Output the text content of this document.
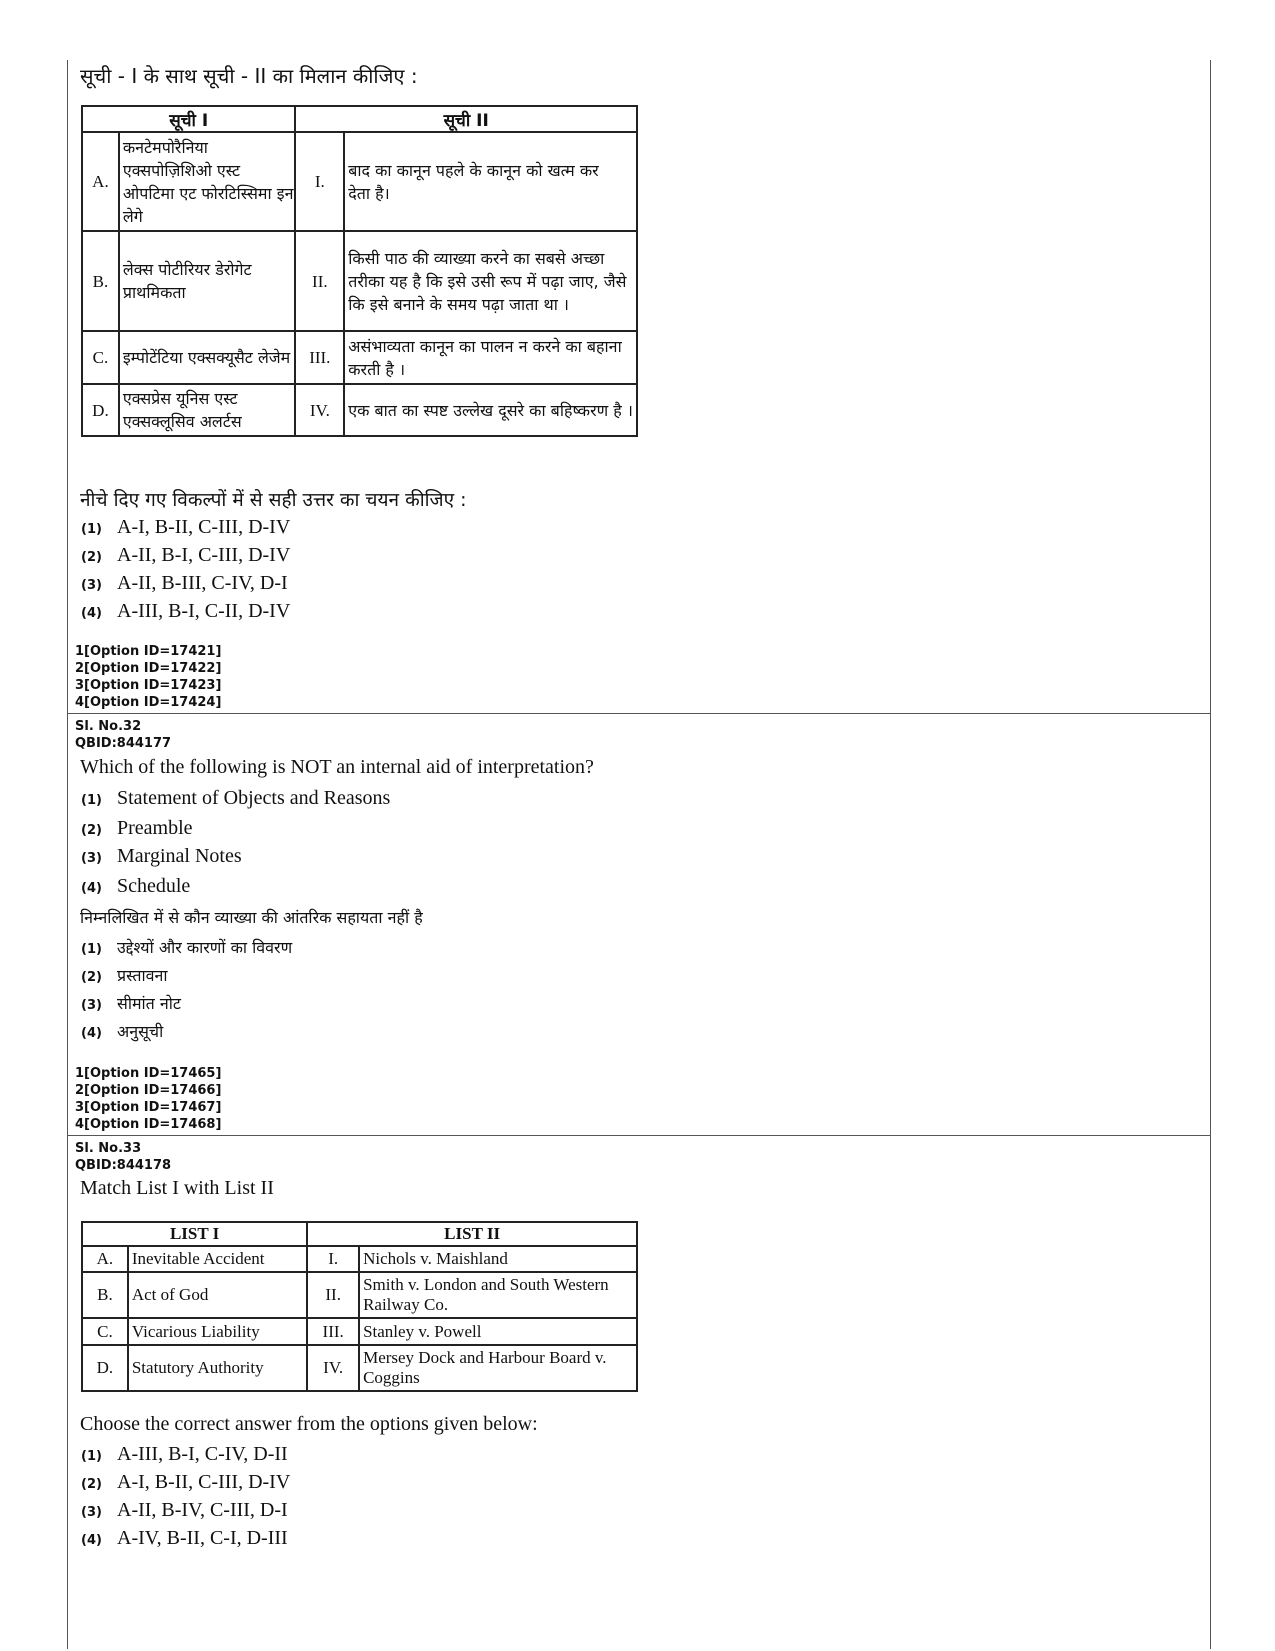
सूची - I के साथ सूची - II का मिलान कीजिए :
सूची I		सूची II	
A.	कनटेमपोरैनिया एक्सपोज़िशिओ एस्ट ओपटिमा एट फोरटिस्सिमा इन लेगे	I.	बाद का कानून पहले के कानून को खत्म कर देता है।
B.	लेक्स पोटीरियर डेरोगेट प्राथमिकता	II.	किसी पाठ की व्याख्या करने का सबसे अच्छा तरीका यह है कि इसे उसी रूप में पढ़ा जाए, जैसे कि इसे बनाने के समय पढ़ा जाता था ।
C.	इम्पोटेंटिया एक्सक्यूसैट लेजेम	III.	असंभाव्यता कानून का पालन न करने का बहाना करती है ।
D.	एक्सप्रेस यूनिस एस्ट एक्सक्लूसिव अलर्टस	IV.	एक बात का स्पष्ट उल्लेख दूसरे का बहिष्करण है ।
नीचे दिए गए विकल्पों में से सही उत्तर का चयन कीजिए :
(1) A-I, B-II, C-III, D-IV
(2) A-II, B-I, C-III, D-IV
(3) A-II, B-III, C-IV, D-I
(4) A-III, B-I, C-II, D-IV
1[Option ID=17421]
2[Option ID=17422]
3[Option ID=17423]
4[Option ID=17424]
Sl. No.32
QBID:844177
Which of the following is NOT an internal aid of interpretation?
(1) Statement of Objects and Reasons
(2) Preamble
(3) Marginal Notes
(4) Schedule
निम्नलिखित में से कौन व्याख्या की आंतरिक सहायता नहीं है
(1) उद्देश्यों और कारणों का विवरण
(2) प्रस्तावना
(3) सीमांत नोट
(4) अनुसूची
1[Option ID=17465]
2[Option ID=17466]
3[Option ID=17467]
4[Option ID=17468]
Sl. No.33
QBID:844178
Match List I with List II
LIST I		LIST II	
A.	Inevitable Accident	I.	Nichols v. Maishland
B.	Act of God	II.	Smith v. London and South Western Railway Co.
C.	Vicarious Liability	III.	Stanley v. Powell
D.	Statutory Authority	IV.	Mersey Dock and Harbour Board v. Coggins
Choose the correct answer from the options given below:
(1) A-III, B-I, C-IV, D-II
(2) A-I, B-II, C-III, D-IV
(3) A-II, B-IV, C-III, D-I
(4) A-IV, B-II, C-I, D-III
